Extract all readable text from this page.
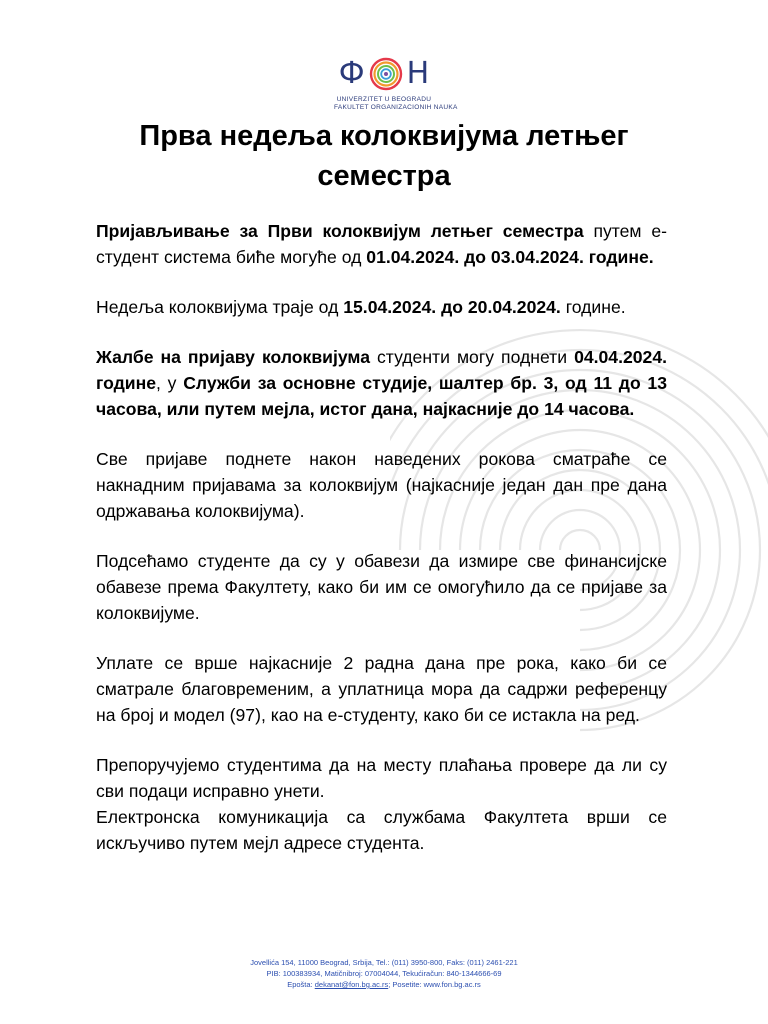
Ф Н
UNIVERZITET U BEOGRADU
FAKULTET ORGANIZACIONIH NAUKA
Прва недеља колоквијума летњег
семестра

Пријављивање за Први колоквијум летњег семестра путем е-студент система биће могуће од 01.04.2024. до 03.04.2024. године.

Недеља колоквијума траје од 15.04.2024. до 20.04.2024. године.

Жалбе на пријаву колоквијума студенти могу поднети 04.04.2024. године, у Служби за основне студије, шалтер бр. 3, од 11 до 13 часова, или путем мејла, истог дана, најкасније до 14 часова.

Све пријаве поднете након наведених рокова сматраће се накнадним пријавама за колоквијум (најкасније један дан пре дана одржавања колоквијума).

Подсећамо студенте да су у обавези да измире све финансијске обавезе према Факултету, како би им се омогућило да се пријаве за колоквијуме.

Уплате се врше најкасније 2 радна дана пре рока, како би се сматрале благовременим, а уплатница мора да садржи референцу на број и модел (97), као на е-студенту, како би се истакла на ред.

Препоручујемо студентима да на месту плаћања провере да ли су сви подаци исправно унети.

Електронска комуникација са службама Факултета врши се искључиво путем мејл адресе студента.

Jovellića 154, 11000 Beograd, Srbija, Tel.: (011) 3950-800, Faks: (011) 2461-221
PIB: 100383934, Matičnibroj: 07004044, Tekućiračun: 840-1344666-69
Epošta: dekanat@fon.bg.ac.rs; Posetite: www.fon.bg.ac.rs
